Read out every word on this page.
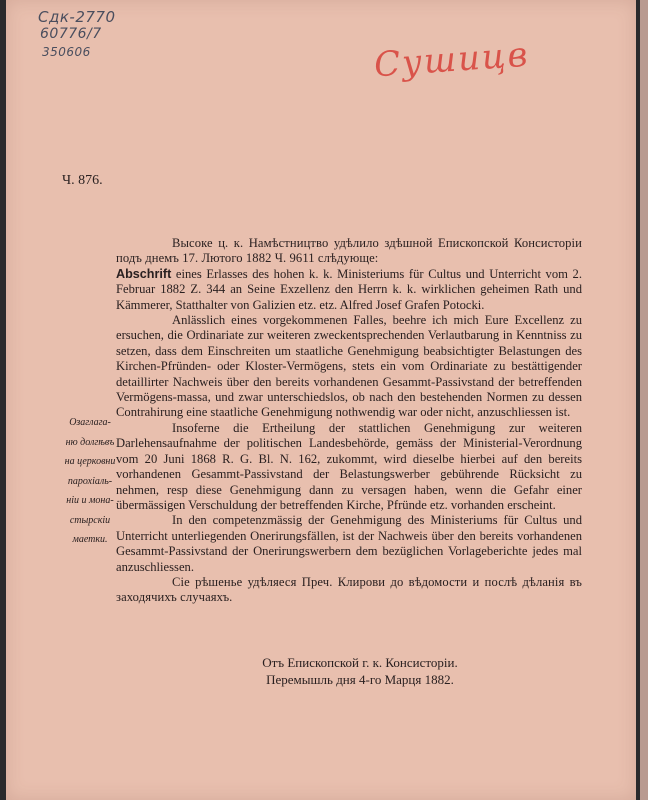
Сдк-2770
60776/7
350606	Сушицв
Ч. 876.
Озаглага-
ню долгѣвъ
на церковни
парохіаль-
ніи и мона-
стырскіи
маетки.

Высоке ц. к. Намѣстництво удѣлило здѣшной Епископской Консисторіи подъ днемъ 17. Лютого 1882 Ч. 9611 слѣдующе:

Abschrift eines Erlasses des hohen k. k. Ministeriums für Cultus und Unterricht vom 2. Februar 1882 Z. 344 an Seine Exzellenz den Herrn k. k. wirklichen geheimen Rath und Kämmerer, Statthalter von Galizien etz. etz. Alfred Josef Grafen Potocki.

Anlässlich eines vorgekommenen Falles, beehre ich mich Eure Excellenz zu ersuchen, die Ordinariate zur weiteren zweckentsprechenden Verlautbarung in Kenntniss zu setzen, dass dem Einschreiten um staatliche Genehmigung beabsichtigter Belastungen des Kirchen-Pfründen- oder Kloster-Vermögens, stets ein vom Ordinariate zu bestättigender detaillirter Nachweis über den bereits vorhandenen Gesammt-Passivstand der betreffenden Vermögens-massa, und zwar unterschiedslos, ob nach den bestehenden Normen zu dessen Contrahirung eine staatliche Genehmigung nothwendig war oder nicht, anzuschliessen ist.

Insoferne die Ertheilung der stattlichen Genehmigung zur weiteren Darlehensaufnahme der politischen Landesbehörde, gemäss der Ministerial-Verordnung vom 20 Juni 1868 R. G. Bl. N. 162, zukommt, wird dieselbe hierbei auf den bereits vorhandenen Gesammt-Passivstand der Belastungswerber gebührende Rücksicht zu nehmen, resp diese Genehmigung dann zu versagen haben, wenn die Gefahr einer übermässigen Verschuldung der betreffenden Kirche, Pfründe etz. vorhanden erscheint.

In den competenzmässig der Genehmigung des Ministeriums für Cultus und Unterricht unterliegenden Onerirungsfällen, ist der Nachweis über den bereits vorhandenen Gesammt-Passivstand der Onerirungswerbern dem bezüglichen Vorlageberichte jedes mal anzuschliessen.

Сіе рѣшенье удѣляеся Преч. Клирови до вѣдомости и послѣ дѣланія въ заходячихъ случаяхъ.

Отъ Епископской г. к. Консисторіи.
Перемышль дня 4-го Марця 1882.
